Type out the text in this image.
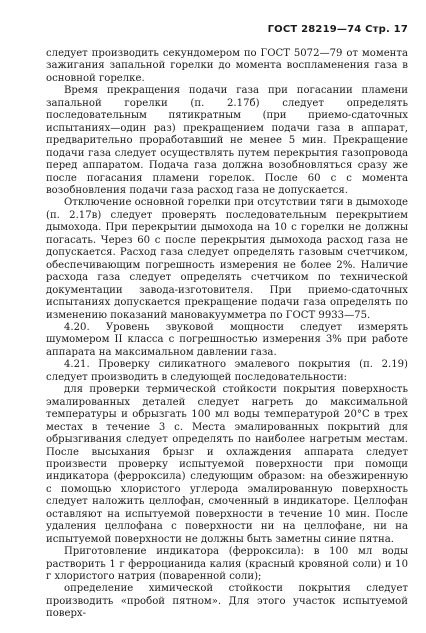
ГОСТ 28219—74 Стр. 17

следует производить секундомером по ГОСТ 5072—79 от момента зажигания запальной горелки до момента воспламенения газа в основной горелке.

Время прекращения подачи газа при погасании пламени запальной горелки (п. 2.17б) следует определять последовательным пятикратным (при приемо-сдаточных испытаниях—один раз) прекращением подачи газа в аппарат, предварительно проработавший не менее 5 мин. Прекращение подачи газа следует осуществлять путем перекрытия газопровода перед аппаратом. Подача газа должна возобновляться сразу же после погасания пламени горелок. После 60 с с момента возобновления подачи газа расход газа не допускается.

Отключение основной горелки при отсутствии тяги в дымоходе (п. 2.17в) следует проверять последовательным перекрытием дымохода. При перекрытии дымохода на 10 с горелки не должны погасать. Через 60 с после перекрытия дымохода расход газа не допускается. Расход газа следует определять газовым счетчиком, обеспечивающим погрешность измерения не более 2%. Наличие расхода газа следует определять счетчиком по технической документации завода-изготовителя. При приемо-сдаточных испытаниях допускается прекращение подачи газа определять по изменению показаний мановакуумметра по ГОСТ 9933—75.

4.20. Уровень звуковой мощности следует измерять шумомером II класса с погрешностью измерения 3% при работе аппарата на максимальном давлении газа.

4.21. Проверку силикатного эмалевого покрытия (п. 2.19) следует производить в следующей последовательности:

для проверки термической стойкости покрытия поверхность эмалированных деталей следует нагреть до максимальной температуры и обрызгать 100 мл воды температурой 20°С в трех местах в течение 3 с. Места эмалированных покрытий для обрызгивания следует определять по наиболее нагретым местам. После высыхания брызг и охлаждения аппарата следует произвести проверку испытуемой поверхности при помощи индикатора (ферроксила) следующим образом: на обезжиренную с помощью хлористого углерода эмалированную поверхность следует наложить целлофан, смоченный в индикаторе. Целлофан оставляют на испытуемой поверхности в течение 10 мин. После удаления целлофана с поверхности ни на целлофане, ни на испытуемой поверхности не должны быть заметны синие пятна.

Приготовление индикатора (ферроксила): в 100 мл воды растворить 1 г ферроцианида калия (красный кровяной соли) и 10 г хлористого натрия (поваренной соли);

определение химической стойкости покрытия следует производить «пробой пятном». Для этого участок испытуемой поверх-
